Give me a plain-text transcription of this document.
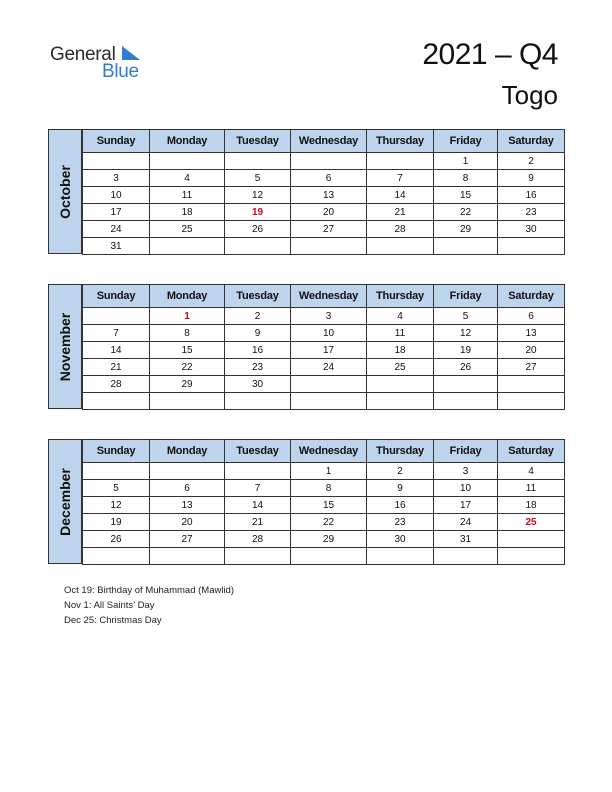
General
Blue
2021 – Q4
Togo
October
Sunday	Monday	Tuesday	Wednesday	Thursday	Friday	Saturday
					1	2
3	4	5	6	7	8	9
10	11	12	13	14	15	16
17	18	19	20	21	22	23
24	25	26	27	28	29	30
31						
November
Sunday	Monday	Tuesday	Wednesday	Thursday	Friday	Saturday
	1	2	3	4	5	6
7	8	9	10	11	12	13
14	15	16	17	18	19	20
21	22	23	24	25	26	27
28	29	30				

December
Sunday	Monday	Tuesday	Wednesday	Thursday	Friday	Saturday
			1	2	3	4
5	6	7	8	9	10	11
12	13	14	15	16	17	18
19	20	21	22	23	24	25
26	27	28	29	30	31	

Oct 19: Birthday of Muhammad (Mawlid)
Nov 1: All Saints’ Day
Dec 25: Christmas Day
